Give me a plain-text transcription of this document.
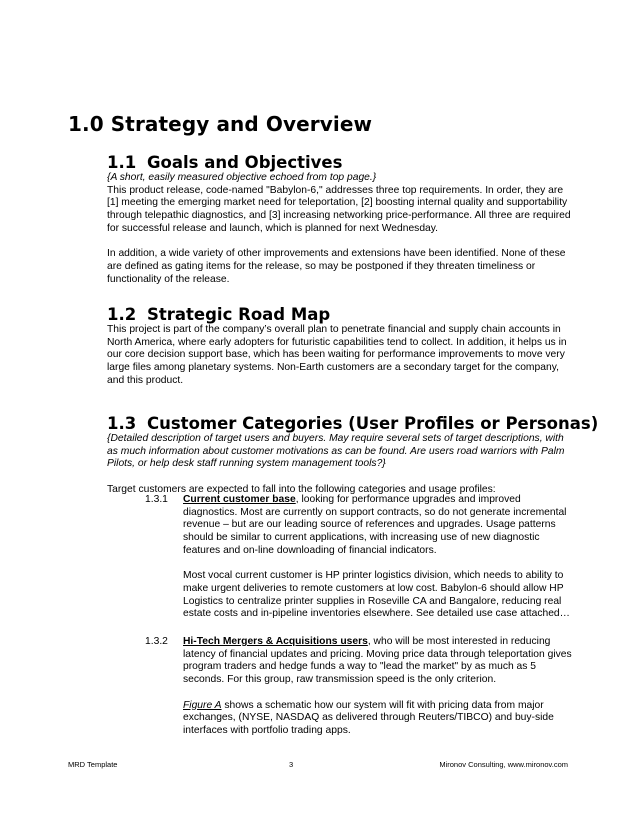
1.0 Strategy and Overview
1.1 Goals and Objectives

{A short, easily measured objective echoed from top page.}

This product release, code-named "Babylon-6," addresses three top requirements. In order, they are [1] meeting the emerging market need for teleportation, [2] boosting internal quality and supportability through telepathic diagnostics, and [3] increasing networking price-performance. All three are required for successful release and launch, which is planned for next Wednesday.

In addition, a wide variety of other improvements and extensions have been identified. None of these are defined as gating items for the release, so may be postponed if they threaten timeliness or functionality of the release.

1.2 Strategic Road Map

This project is part of the company’s overall plan to penetrate financial and supply chain accounts in North America, where early adopters for futuristic capabilities tend to collect. In addition, it helps us in our core decision support base, which has been waiting for performance improvements to move very large files among planetary systems. Non-Earth customers are a secondary target for the company, and this product.

1.3 Customer Categories (User Profiles or Personas)

{Detailed description of target users and buyers. May require several sets of target descriptions, with as much information about customer motivations as can be found. Are users road warriors with Palm Pilots, or help desk staff running system management tools?}

Target customers are expected to fall into the following categories and usage profiles:

1.3.1 Current customer base, looking for performance upgrades and improved diagnostics. Most are currently on support contracts, so do not generate incremental revenue – but are our leading source of references and upgrades. Usage patterns should be similar to current applications, with increasing use of new diagnostic features and on-line downloading of financial indicators.

Most vocal current customer is HP printer logistics division, which needs to ability to make urgent deliveries to remote customers at low cost. Babylon-6 should allow HP Logistics to centralize printer supplies in Roseville CA and Bangalore, reducing real estate costs and in-pipeline inventories elsewhere. See detailed use case attached…

1.3.2 Hi-Tech Mergers & Acquisitions users, who will be most interested in reducing latency of financial updates and pricing. Moving price data through teleportation gives program traders and hedge funds a way to "lead the market" by as much as 5 seconds. For this group, raw transmission speed is the only criterion.

Figure A shows a schematic how our system will fit with pricing data from major exchanges, (NYSE, NASDAQ as delivered through Reuters/TIBCO) and buy-side interfaces with portfolio trading apps.

MRD Template	3	Mironov Consulting, www.mironov.com
